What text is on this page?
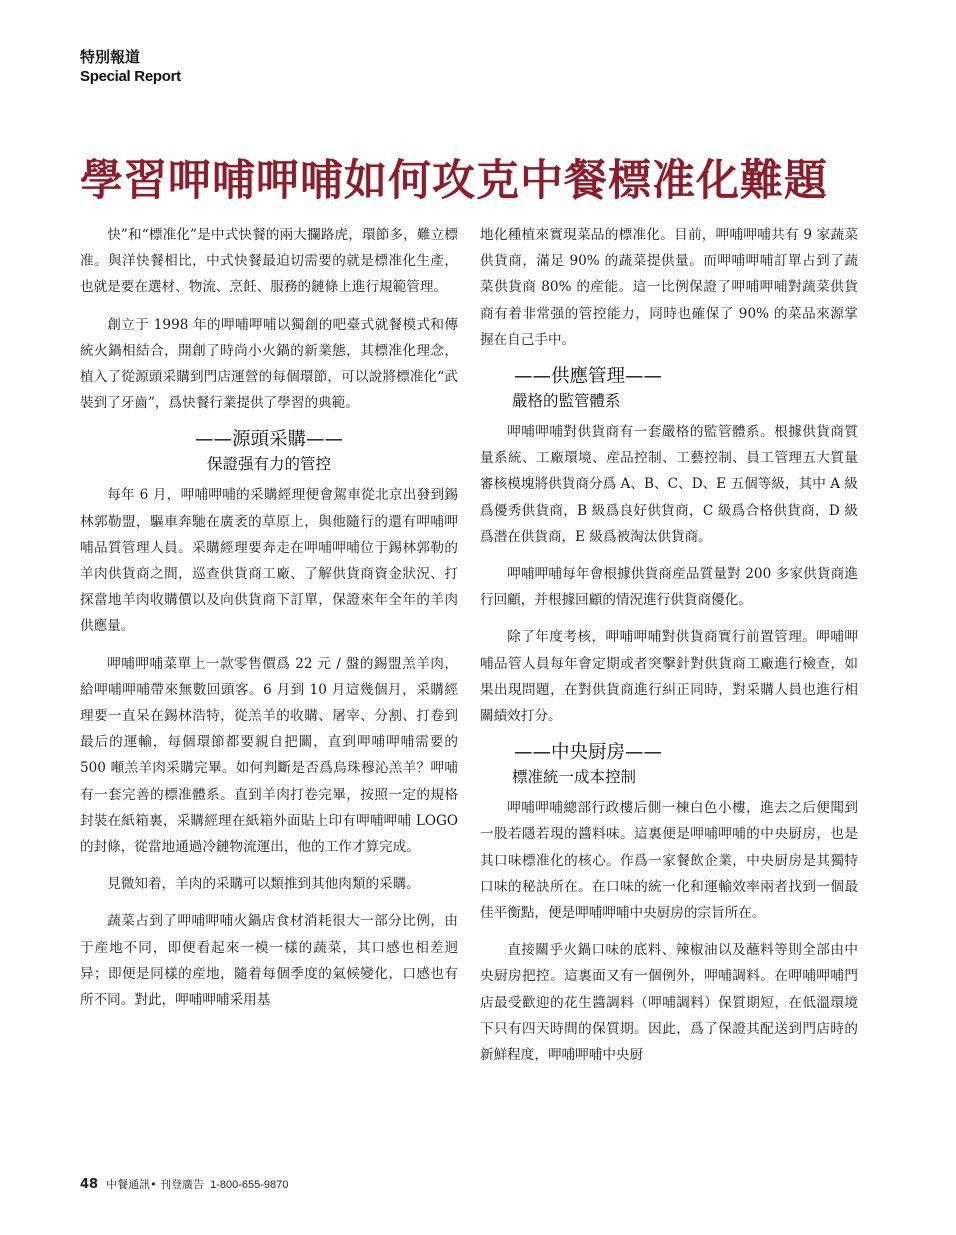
特別報道
Special Report
學習呷哺呷哺如何攻克中餐標准化難題

快”和“標准化”是中式快餐的兩大攔路虎，環節多，難立標准。與洋快餐相比，中式快餐最迫切需要的就是標准化生產，也就是要在選材、物流、烹飪、服務的鏈條上進行規範管理。

創立于 1998 年的呷哺呷哺以獨創的吧臺式就餐模式和傳統火鍋相結合，開創了時尚小火鍋的新業態，其標准化理念，植入了從源頭采購到門店運營的每個環節，可以說將標准化“武裝到了牙齒”，爲快餐行業提供了學習的典範。

——源頭采購——
保證强有力的管控

每年 6 月，呷哺呷哺的采購經理便會駕車從北京出發到錫林郭勒盟，驅車奔馳在廣袤的草原上，與他隨行的還有呷哺呷哺品質管理人員。采購經理要奔走在呷哺呷哺位于錫林郭勒的羊肉供貨商之間，巡查供貨商工廠、了解供貨商資金狀況、打探當地羊肉收購價以及向供貨商下訂單，保證來年全年的羊肉供應量。

呷哺呷哺菜單上一款零售價爲 22 元 / 盤的錫盟羔羊肉，給呷哺呷哺帶來無數回頭客。6 月到 10 月這幾個月，采購經理要一直呆在錫林浩特，從羔羊的收購、屠宰、分割、打卷到最后的運輸，每個環節都要親自把關，直到呷哺呷哺需要的 500 噸羔羊肉采購完畢。如何判斷是否爲烏珠穆沁羔羊？呷哺有一套完善的標准體系。直到羊肉打卷完畢，按照一定的規格封裝在紙箱裏，采購經理在紙箱外面貼上印有呷哺呷哺 LOGO 的封條，從當地通過冷鏈物流運出，他的工作才算完成。

見微知着，羊肉的采購可以類推到其他肉類的采購。

蔬菜占到了呷哺呷哺火鍋店食材消耗很大一部分比例，由于産地不同，即便看起來一模一樣的蔬菜，其口感也相差迥异；即便是同樣的産地，隨着每個季度的氣候變化，口感也有所不同。對此，呷哺呷哺采用基

地化種植來實現菜品的標准化。目前，呷哺呷哺共有 9 家蔬菜供貨商，滿足 90% 的蔬菜提供量。而呷哺呷哺訂單占到了蔬菜供貨商 80% 的産能。這一比例保證了呷哺呷哺對蔬菜供貨商有着非常强的管控能力，同時也確保了 90% 的菜品來源掌握在自己手中。

——供應管理——
嚴格的監管體系

呷哺呷哺對供貨商有一套嚴格的監管體系。根據供貨商質量系統、工廠環境、産品控制、工藝控制、員工管理五大質量審核模塊將供貨商分爲 A、B、C、D、E 五個等級，其中 A 級爲優秀供貨商，B 級爲良好供貨商，C 級爲合格供貨商，D 級爲潜在供貨商，E 級爲被淘汰供貨商。

呷哺呷哺每年會根據供貨商産品質量對 200 多家供貨商進行回顧，并根據回顧的情況進行供貨商優化。

除了年度考核，呷哺呷哺對供貨商實行前置管理。呷哺呷哺品管人員每年會定期或者突擊針對供貨商工廠進行檢查，如果出現問題，在對供貨商進行糾正同時，對采購人員也進行相關績效打分。

——中央厨房——
標准統一成本控制

呷哺呷哺總部行政樓后側一棟白色小樓，進去之后便聞到一股若隱若現的醬料味。這裏便是呷哺呷哺的中央厨房，也是其口味標准化的核心。作爲一家餐飲企業，中央厨房是其獨特口味的秘訣所在。在口味的統一化和運輸效率兩者找到一個最佳平衡點，便是呷哺呷哺中央厨房的宗旨所在。

直接關乎火鍋口味的底料、辣椒油以及蘸料等則全部由中央厨房把控。這裏面又有一個例外，呷哺調料。在呷哺呷哺門店最受歡迎的花生醬調料（呷哺調料）保質期短，在低溫環境下只有四天時間的保質期。因此，爲了保證其配送到門店時的新鮮程度，呷哺呷哺中央厨

48 中餐通訊• 刊登廣告 1-800-655-9870
